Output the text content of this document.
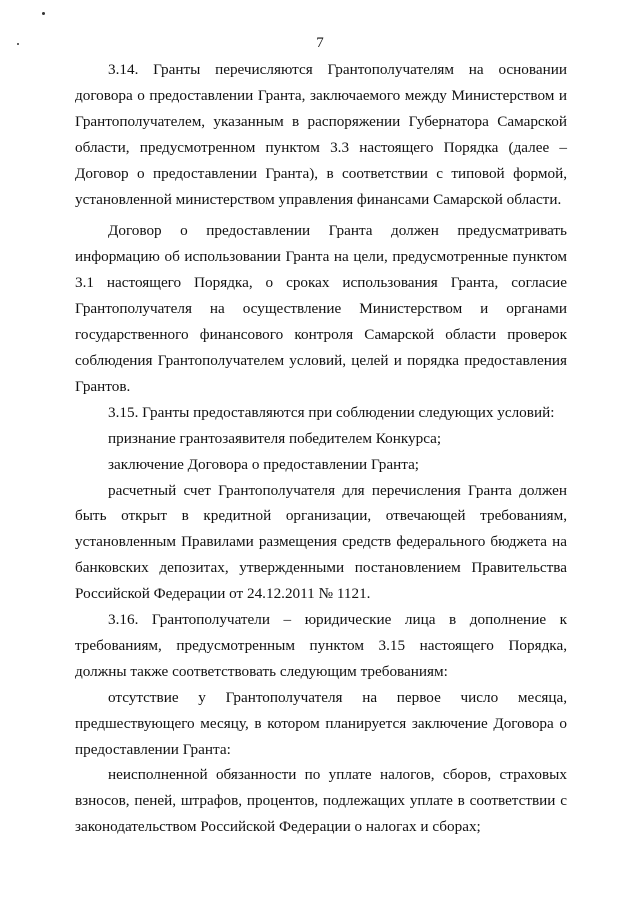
7

3.14. Гранты перечисляются Грантополучателям на основании договора о предоставлении Гранта, заключаемого между Министерством и Грантополучателем, указанным в распоряжении Губернатора Самарской области, предусмотренном пунктом 3.3 настоящего Порядка (далее – Договор о предоставлении Гранта), в соответствии с типовой формой, установленной министерством управления финансами Самарской области.

Договор о предоставлении Гранта должен предусматривать информацию об использовании Гранта на цели, предусмотренные пунктом 3.1 настоящего Порядка, о сроках использования Гранта, согласие Грантополучателя на осуществление Министерством и органами государственного финансового контроля Самарской области проверок соблюдения Грантополучателем условий, целей и порядка предоставления Грантов.

3.15. Гранты предоставляются при соблюдении следующих условий:

признание грантозаявителя победителем Конкурса;

заключение Договора о предоставлении Гранта;

расчетный счет Грантополучателя для перечисления Гранта должен быть открыт в кредитной организации, отвечающей требованиям, установленным Правилами размещения средств федерального бюджета на банковских депозитах, утвержденными постановлением Правительства Российской Федерации от 24.12.2011 № 1121.

3.16. Грантополучатели – юридические лица в дополнение к требованиям, предусмотренным пунктом 3.15 настоящего Порядка, должны также соответствовать следующим требованиям:

отсутствие у Грантополучателя на первое число месяца, предшествующего месяцу, в котором планируется заключение Договора о предоставлении Гранта:

неисполненной обязанности по уплате налогов, сборов, страховых взносов, пеней, штрафов, процентов, подлежащих уплате в соответствии с законодательством Российской Федерации о налогах и сборах;
